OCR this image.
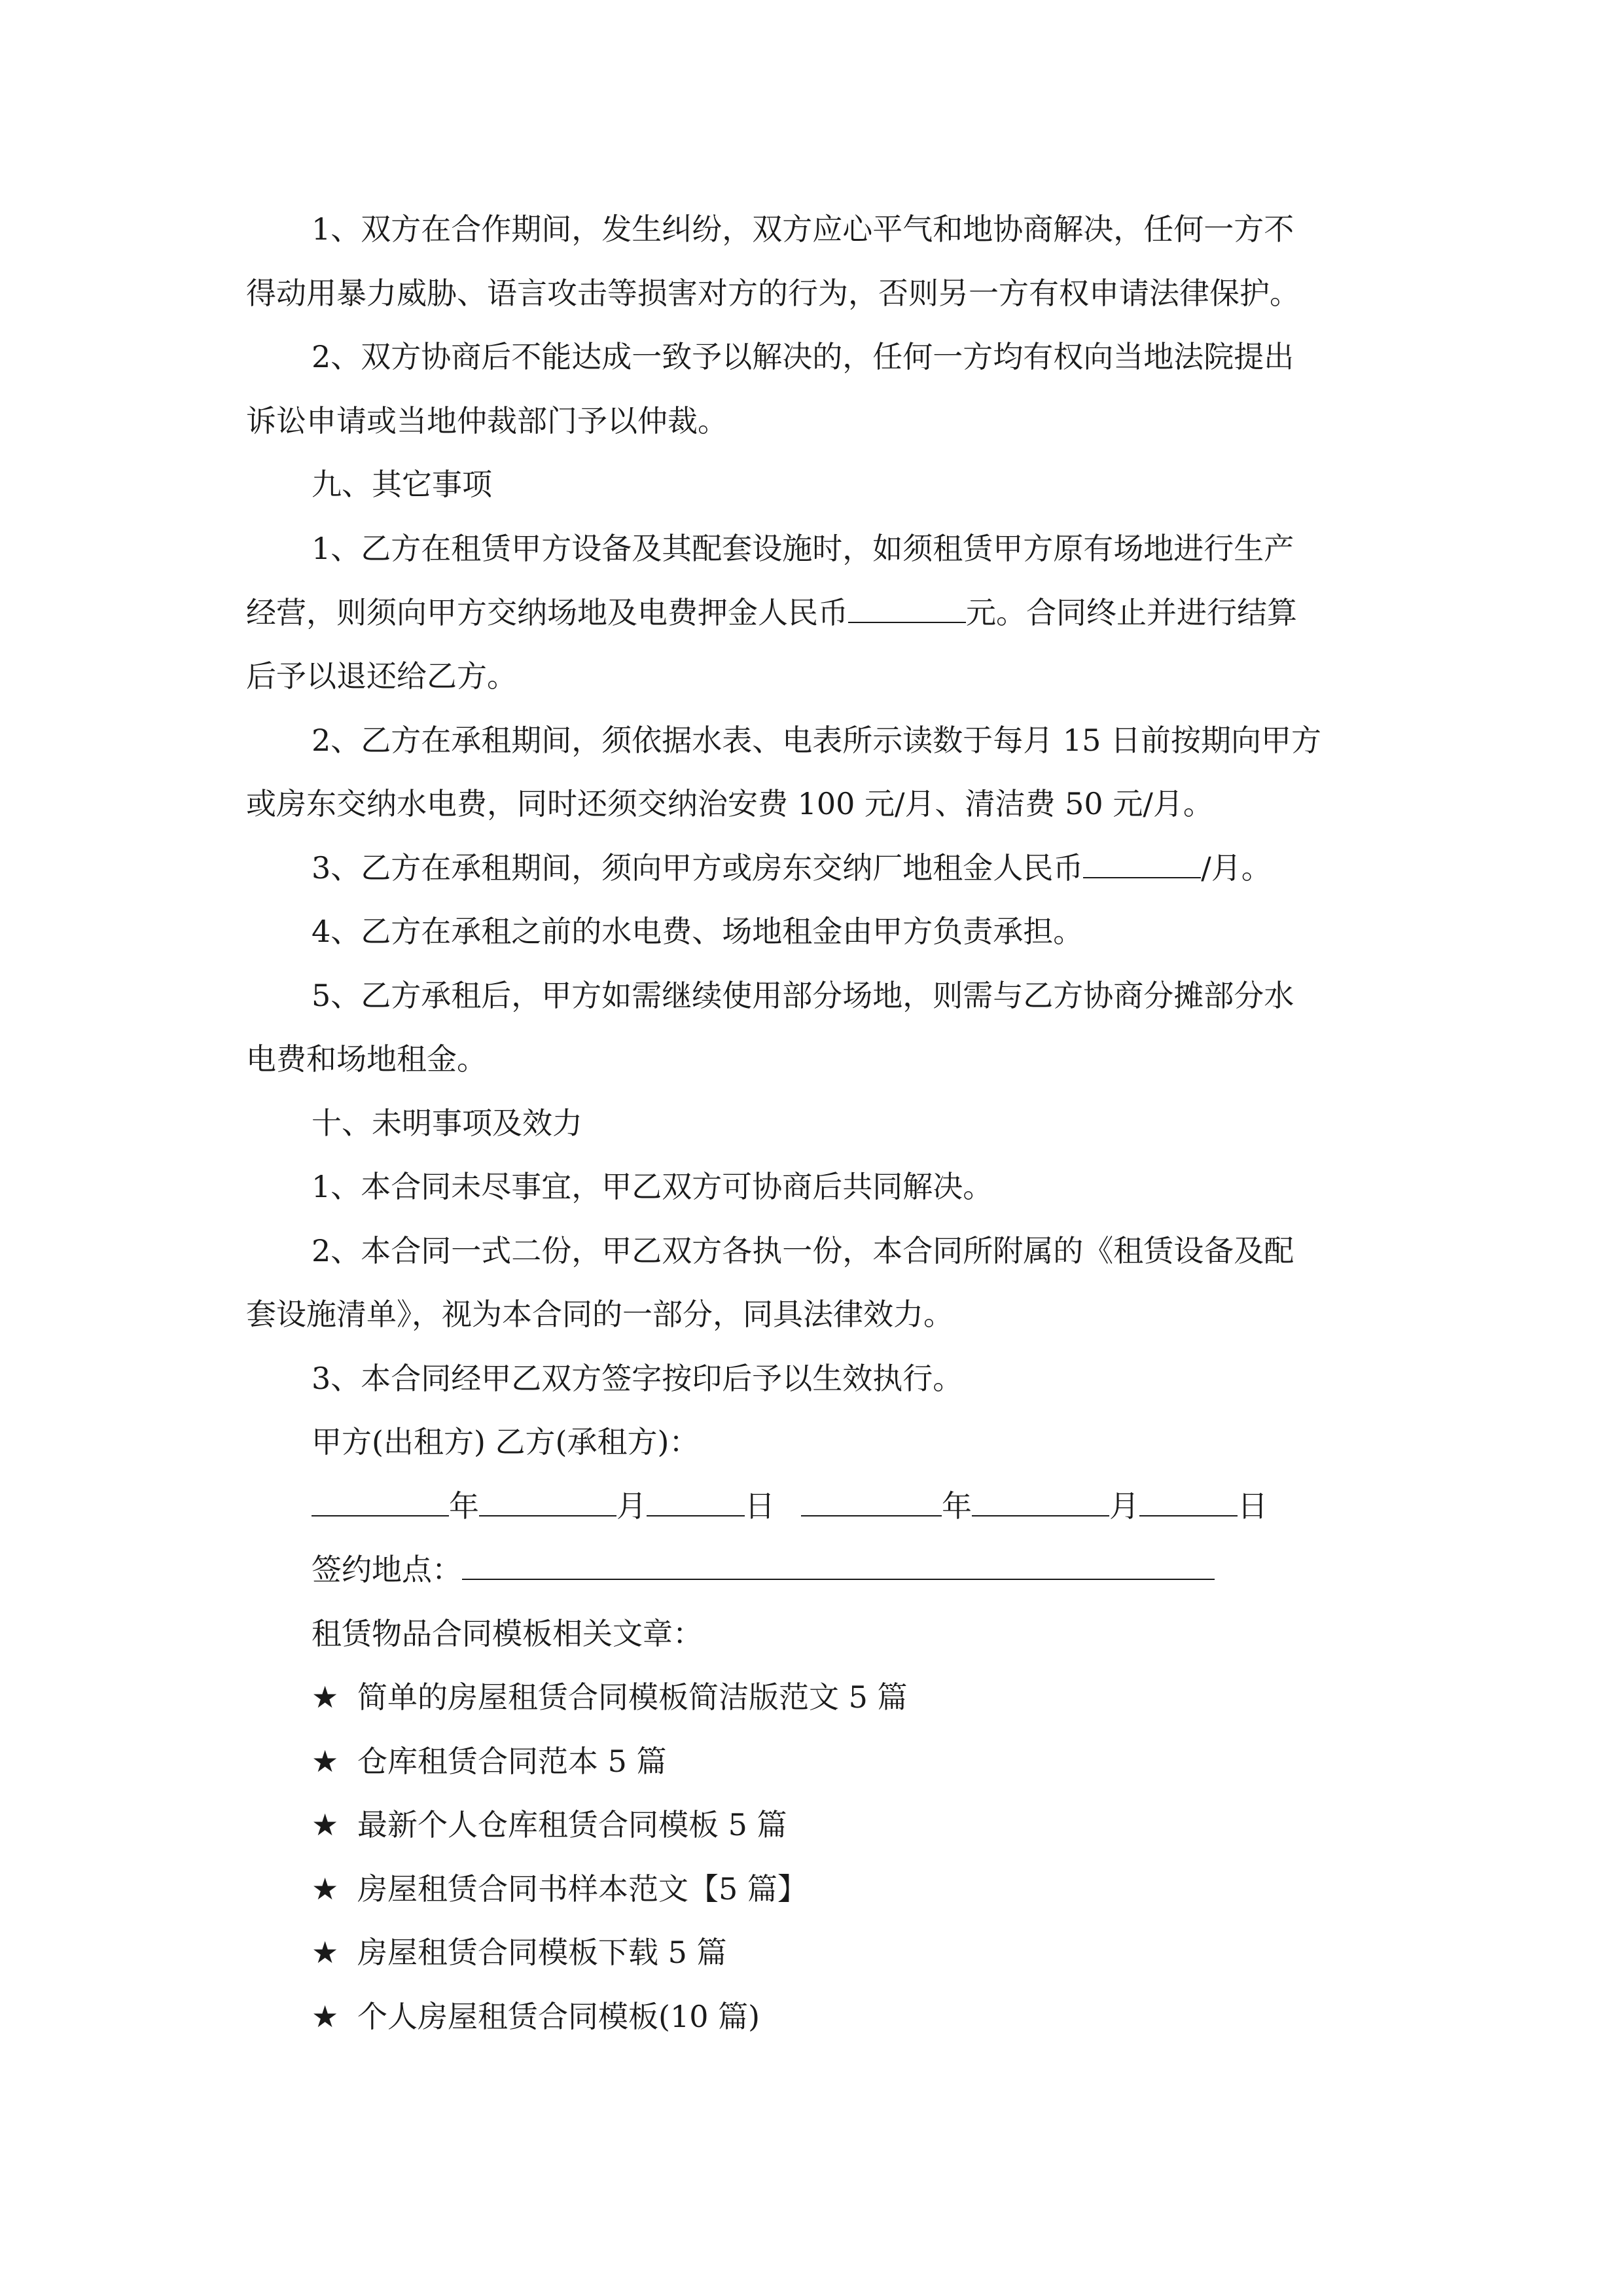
1、双方在合作期间，发生纠纷，双方应心平气和地协商解决，任何一方不
得动用暴力威胁、语言攻击等损害对方的行为，否则另一方有权申请法律保护。
2、双方协商后不能达成一致予以解决的，任何一方均有权向当地法院提出
诉讼申请或当地仲裁部门予以仲裁。
九、其它事项
1、乙方在租赁甲方设备及其配套设施时，如须租赁甲方原有场地进行生产
经营，则须向甲方交纳场地及电费押金人民币	元。合同终止并进行结算
后予以退还给乙方。
2、乙方在承租期间，须依据水表、电表所示读数于每月 15 日前按期向甲方
或房东交纳水电费，同时还须交纳治安费 100 元/月、清洁费 50 元/月。
3、乙方在承租期间，须向甲方或房东交纳厂地租金人民币	/月。
4、乙方在承租之前的水电费、场地租金由甲方负责承担。
5、乙方承租后，甲方如需继续使用部分场地，则需与乙方协商分摊部分水
电费和场地租金。
十、未明事项及效力
1、本合同未尽事宜，甲乙双方可协商后共同解决。
2、本合同一式二份，甲乙双方各执一份，本合同所附属的《租赁设备及配
套设施清单》，视为本合同的一部分，同具法律效力。
3、本合同经甲乙双方签字按印后予以生效执行。
甲方(出租方) 乙方(承租方)：
年	月	日	年	月	日
签约地点：
租赁物品合同模板相关文章：
★ 简单的房屋租赁合同模板简洁版范文 5 篇
★ 仓库租赁合同范本 5 篇
★ 最新个人仓库租赁合同模板 5 篇
★ 房屋租赁合同书样本范文【5 篇】
★ 房屋租赁合同模板下载 5 篇
★ 个人房屋租赁合同模板(10 篇)
